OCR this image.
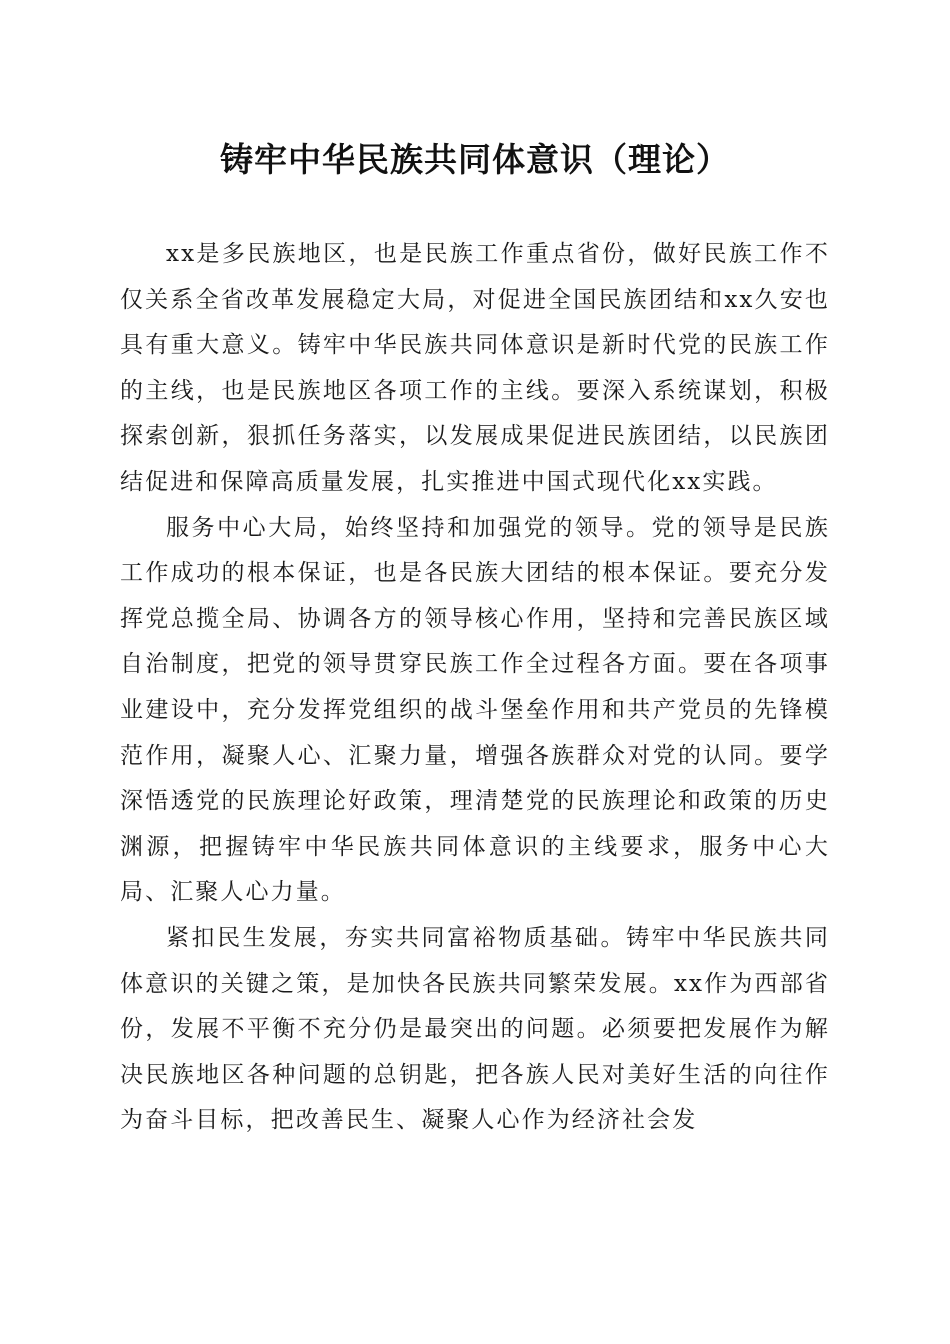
铸牢中华民族共同体意识（理论）

xx是多民族地区，也是民族工作重点省份，做好民族工作不仅关系全省改革发展稳定大局，对促进全国民族团结和xx久安也具有重大意义。铸牢中华民族共同体意识是新时代党的民族工作的主线，也是民族地区各项工作的主线。要深入系统谋划，积极探索创新，狠抓任务落实，以发展成果促进民族团结，以民族团结促进和保障高质量发展，扎实推进中国式现代化xx实践。

服务中心大局，始终坚持和加强党的领导。党的领导是民族工作成功的根本保证，也是各民族大团结的根本保证。要充分发挥党总揽全局、协调各方的领导核心作用，坚持和完善民族区域自治制度，把党的领导贯穿民族工作全过程各方面。要在各项事业建设中，充分发挥党组织的战斗堡垒作用和共产党员的先锋模范作用，凝聚人心、汇聚力量，增强各族群众对党的认同。要学深悟透党的民族理论好政策，理清楚党的民族理论和政策的历史渊源，把握铸牢中华民族共同体意识的主线要求，服务中心大局、汇聚人心力量。

紧扣民生发展，夯实共同富裕物质基础。铸牢中华民族共同体意识的关键之策，是加快各民族共同繁荣发展。xx作为西部省份，发展不平衡不充分仍是最突出的问题。必须要把发展作为解决民族地区各种问题的总钥匙，把各族人民对美好生活的向往作为奋斗目标，把改善民生、凝聚人心作为经济社会发
